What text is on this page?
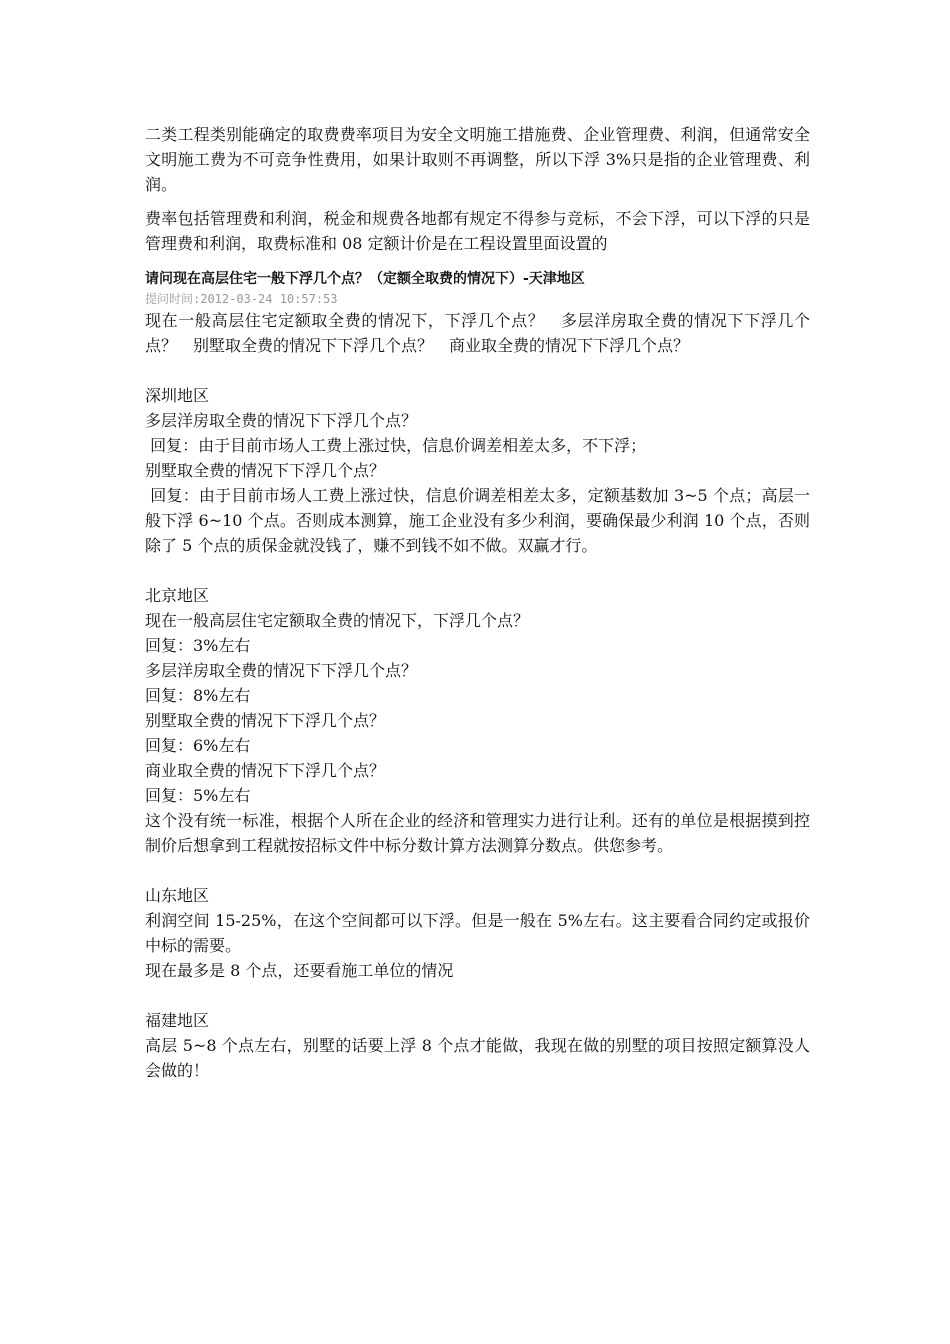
二类工程类别能确定的取费费率项目为安全文明施工措施费、企业管理费、利润，但通常安全文明施工费为不可竞争性费用，如果计取则不再调整，所以下浮 3%只是指的企业管理费、利润。

费率包括管理费和利润，税金和规费各地都有规定不得参与竞标，不会下浮，可以下浮的只是管理费和利润，取费标准和 08 定额计价是在工程设置里面设置的

请问现在高层住宅一般下浮几个点？（定额全取费的情况下）-天津地区

提问时间:2012-03-24 10:57:53

现在一般高层住宅定额取全费的情况下，下浮几个点？　多层洋房取全费的情况下下浮几个点？　别墅取全费的情况下下浮几个点？　商业取全费的情况下下浮几个点？

深圳地区

多层洋房取全费的情况下下浮几个点？

回复：由于目前市场人工费上涨过快，信息价调差相差太多，不下浮；

别墅取全费的情况下下浮几个点？

回复：由于目前市场人工费上涨过快，信息价调差相差太多，定额基数加 3~5 个点；高层一般下浮 6~10 个点。否则成本测算，施工企业没有多少利润，要确保最少利润 10 个点，否则除了 5 个点的质保金就没钱了，赚不到钱不如不做。双赢才行。

北京地区

现在一般高层住宅定额取全费的情况下，下浮几个点？

回复：3%左右

多层洋房取全费的情况下下浮几个点？

回复：8%左右

别墅取全费的情况下下浮几个点？

回复：6%左右

商业取全费的情况下下浮几个点？

回复：5%左右

这个没有统一标准，根据个人所在企业的经济和管理实力进行让利。还有的单位是根据摸到控制价后想拿到工程就按招标文件中标分数计算方法测算分数点。供您参考。

山东地区

利润空间 15-25%，在这个空间都可以下浮。但是一般在 5%左右。这主要看合同约定或报价中标的需要。

现在最多是 8 个点，还要看施工单位的情况

福建地区

高层 5~8 个点左右，别墅的话要上浮 8 个点才能做，我现在做的别墅的项目按照定额算没人会做的！
